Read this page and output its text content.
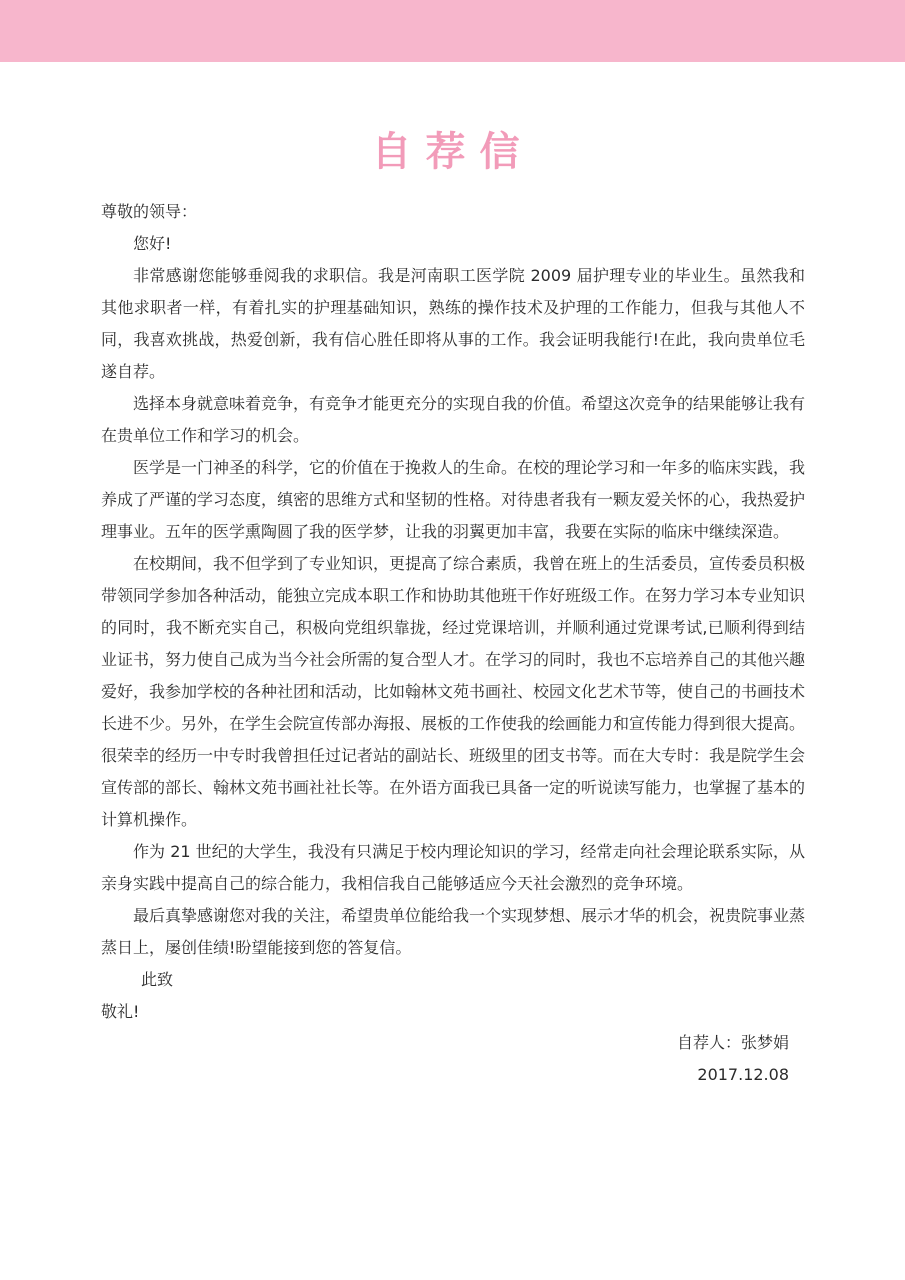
自荐信

尊敬的领导：

您好!

非常感谢您能够垂阅我的求职信。我是河南职工医学院 2009 届护理专业的毕业生。虽然我和其他求职者一样，有着扎实的护理基础知识，熟练的操作技术及护理的工作能力，但我与其他人不同，我喜欢挑战，热爱创新，我有信心胜任即将从事的工作。我会证明我能行!在此，我向贵单位毛遂自荐。

选择本身就意味着竞争，有竞争才能更充分的实现自我的价值。希望这次竞争的结果能够让我有在贵单位工作和学习的机会。

医学是一门神圣的科学，它的价值在于挽救人的生命。在校的理论学习和一年多的临床实践，我养成了严谨的学习态度，缜密的思维方式和坚韧的性格。对待患者我有一颗友爱关怀的心，我热爱护理事业。五年的医学熏陶圆了我的医学梦，让我的羽翼更加丰富，我要在实际的临床中继续深造。

在校期间，我不但学到了专业知识，更提高了综合素质，我曾在班上的生活委员，宣传委员积极带领同学参加各种活动，能独立完成本职工作和协助其他班干作好班级工作。在努力学习本专业知识的同时，我不断充实自己，积极向党组织靠拢，经过党课培训，并顺利通过党课考试,已顺利得到结业证书，努力使自己成为当今社会所需的复合型人才。在学习的同时，我也不忘培养自己的其他兴趣爱好，我参加学校的各种社团和活动，比如翰林文苑书画社、校园文化艺术节等，使自己的书画技术长进不少。另外，在学生会院宣传部办海报、展板的工作使我的绘画能力和宣传能力得到很大提高。很荣幸的经历一中专时我曾担任过记者站的副站长、班级里的团支书等。而在大专时：我是院学生会宣传部的部长、翰林文苑书画社社长等。在外语方面我已具备一定的听说读写能力，也掌握了基本的计算机操作。

作为 21 世纪的大学生，我没有只满足于校内理论知识的学习，经常走向社会理论联系实际，从亲身实践中提高自己的综合能力，我相信我自己能够适应今天社会激烈的竞争环境。

最后真挚感谢您对我的关注，希望贵单位能给我一个实现梦想、展示才华的机会，祝贵院事业蒸蒸日上，屡创佳绩!盼望能接到您的答复信。

此致

敬礼!

自荐人：张梦娟
2017.12.08
